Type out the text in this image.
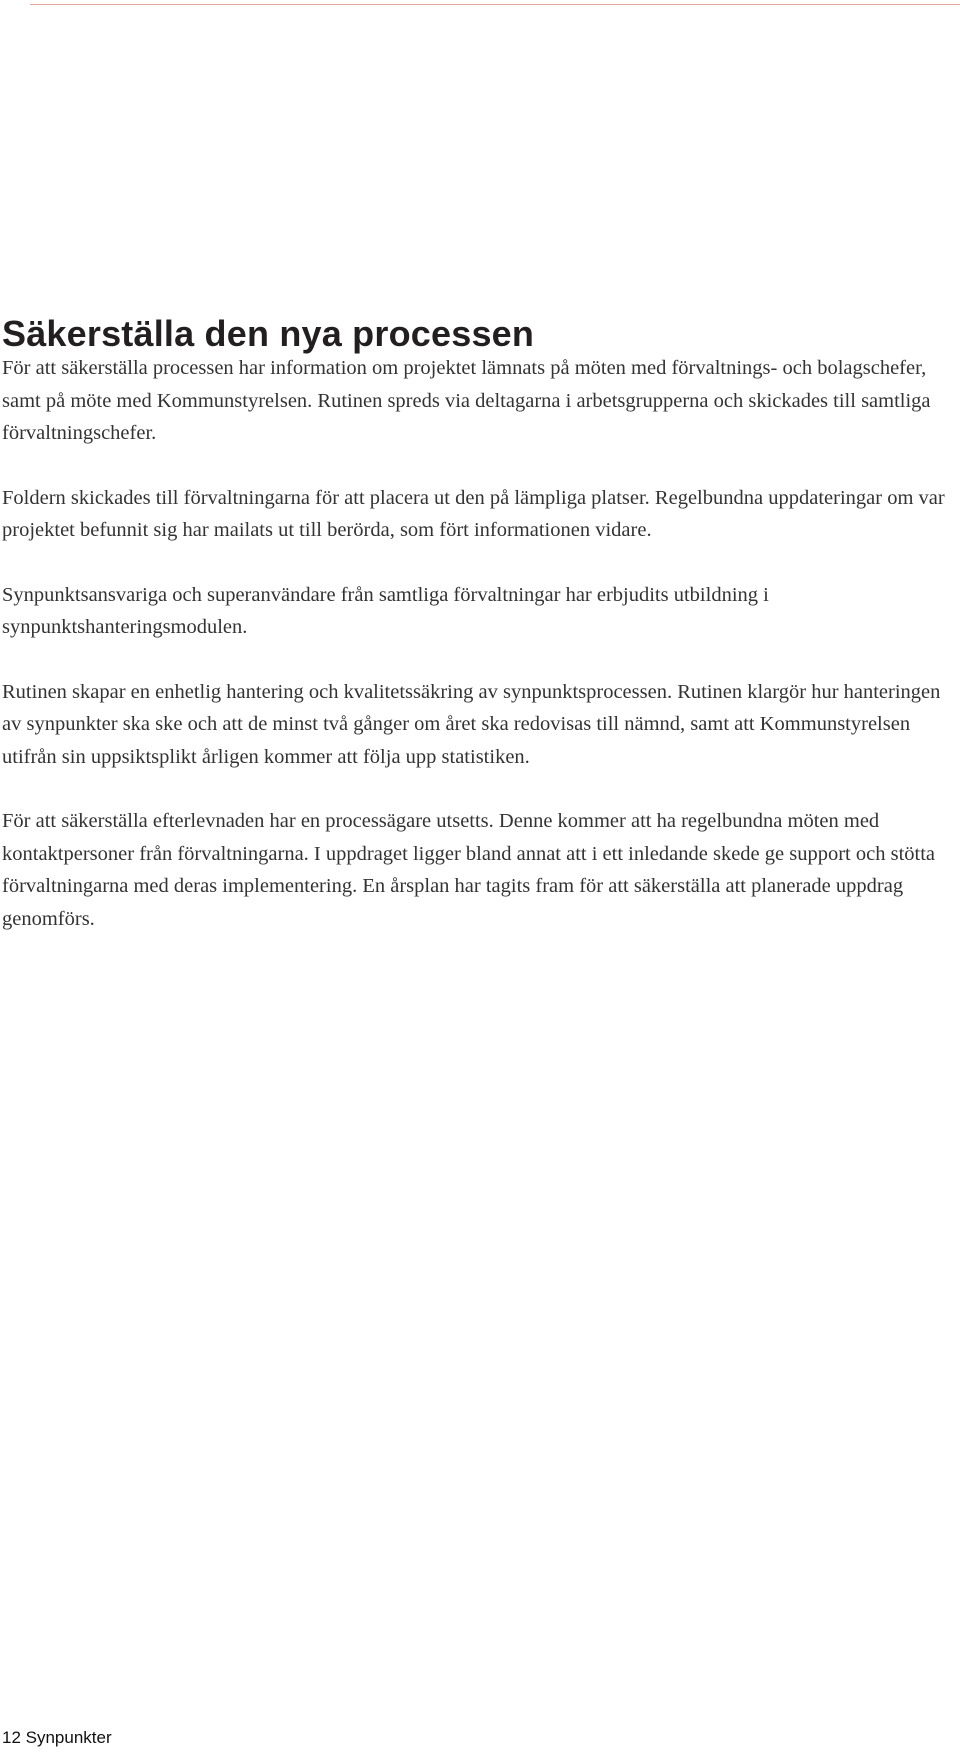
Säkerställa den nya processen

För att säkerställa processen har information om projektet lämnats på möten med förvaltnings- och bolagschefer, samt på möte med Kommunstyrelsen. Rutinen spreds via deltagarna i arbetsgrupperna och skickades till samtliga förvaltningschefer.

Foldern skickades till förvaltningarna för att placera ut den på lämpliga platser. Regelbundna uppdateringar om var projektet befunnit sig har mailats ut till berörda, som fört informationen vidare.

Synpunktsansvariga och superanvändare från samtliga förvaltningar har erbjudits utbildning i synpunktshanteringsmodulen.

Rutinen skapar en enhetlig hantering och kvalitetssäkring av synpunktsprocessen. Rutinen klargör hur hanteringen av synpunkter ska ske och att de minst två gånger om året ska redovisas till nämnd, samt att Kommunstyrelsen utifrån sin uppsiktsplikt årligen kommer att följa upp statistiken.

För att säkerställa efterlevnaden har en processägare utsetts. Denne kommer att ha regelbundna möten med kontaktpersoner från förvaltningarna. I uppdraget ligger bland annat att i ett inledande skede ge support och stötta förvaltningarna med deras implementering. En årsplan har tagits fram för att säkerställa att planerade uppdrag genomförs.

12 Synpunkter
